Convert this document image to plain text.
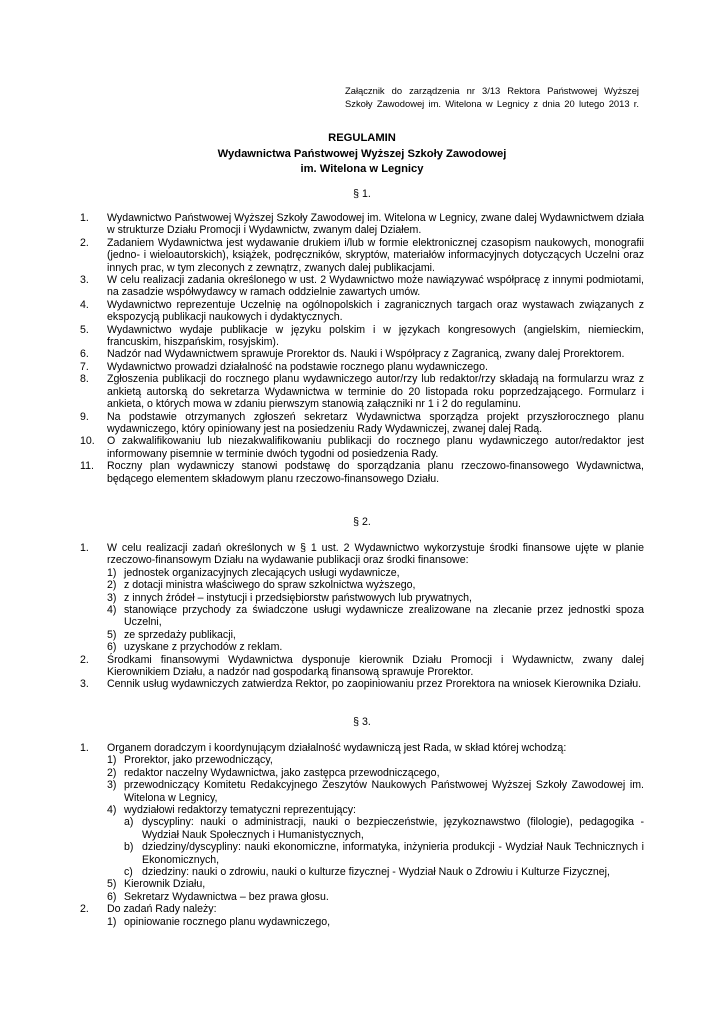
Załącznik do zarządzenia nr 3/13 Rektora Państwowej Wyższej
Szkoły Zawodowej im. Witelona w Legnicy z dnia 20 lutego 2013 r.
REGULAMIN
Wydawnictwa Państwowej Wyższej Szkoły Zawodowej
im. Witelona w Legnicy
§ 1.
1. Wydawnictwo Państwowej Wyższej Szkoły Zawodowej im. Witelona w Legnicy, zwane dalej Wydawnictwem działa w strukturze Działu Promocji i Wydawnictw, zwanym dalej Działem.
2. Zadaniem Wydawnictwa jest wydawanie drukiem i/lub w formie elektronicznej czasopism naukowych, monografii (jedno- i wieloautorskich), książek, podręczników, skryptów, materiałów informacyjnych dotyczących Uczelni oraz innych prac, w tym zleconych z zewnątrz, zwanych dalej publikacjami.
3. W celu realizacji zadania określonego w ust. 2 Wydawnictwo może nawiązywać współpracę z innymi podmiotami, na zasadzie współwydawcy w ramach oddzielnie zawartych umów.
4. Wydawnictwo reprezentuje Uczelnię na ogólnopolskich i zagranicznych targach oraz wystawach związanych z ekspozycją publikacji naukowych i dydaktycznych.
5. Wydawnictwo wydaje publikacje w języku polskim i w językach kongresowych (angielskim, niemieckim, francuskim, hiszpańskim, rosyjskim).
6. Nadzór nad Wydawnictwem sprawuje Prorektor ds. Nauki i Współpracy z Zagranicą, zwany dalej Prorektorem.
7. Wydawnictwo prowadzi działalność na podstawie rocznego planu wydawniczego.
8. Zgłoszenia publikacji do rocznego planu wydawniczego autor/rzy lub redaktor/rzy składają na formularzu wraz z ankietą autorską do sekretarza Wydawnictwa w terminie do 20 listopada roku poprzedzającego. Formularz i ankieta, o których mowa w zdaniu pierwszym stanowią załączniki nr 1 i 2 do regulaminu.
9. Na podstawie otrzymanych zgłoszeń sekretarz Wydawnictwa sporządza projekt przyszłorocznego planu wydawniczego, który opiniowany jest na posiedzeniu Rady Wydawniczej, zwanej dalej Radą.
10. O zakwalifikowaniu lub niezakwalifikowaniu publikacji do rocznego planu wydawniczego autor/redaktor jest informowany pisemnie w terminie dwóch tygodni od posiedzenia Rady.
11. Roczny plan wydawniczy stanowi podstawę do sporządzania planu rzeczowo-finansowego Wydawnictwa, będącego elementem składowym planu rzeczowo-finansowego Działu.
§ 2.
1. W celu realizacji zadań określonych w § 1 ust. 2 Wydawnictwo wykorzystuje środki finansowe ujęte w planie rzeczowo-finansowym Działu na wydawanie publikacji oraz środki finansowe:
1) jednostek organizacyjnych zlecających usługi wydawnicze,
2) z dotacji ministra właściwego do spraw szkolnictwa wyższego,
3) z innych źródeł – instytucji i przedsiębiorstw państwowych lub prywatnych,
4) stanowiące przychody za świadczone usługi wydawnicze zrealizowane na zlecanie przez jednostki spoza Uczelni,
5) ze sprzedaży publikacji,
6) uzyskane z przychodów z reklam.
2. Środkami finansowymi Wydawnictwa dysponuje kierownik Działu Promocji i Wydawnictw, zwany dalej Kierownikiem Działu, a nadzór nad gospodarką finansową sprawuje Prorektor.
3. Cennik usług wydawniczych zatwierdza Rektor, po zaopiniowaniu przez Prorektora na wniosek Kierownika Działu.
§ 3.
1. Organem doradczym i koordynującym działalność wydawniczą jest Rada, w skład której wchodzą:
1) Prorektor, jako przewodniczący,
2) redaktor naczelny Wydawnictwa, jako zastępca przewodniczącego,
3) przewodniczący Komitetu Redakcyjnego Zeszytów Naukowych Państwowej Wyższej Szkoły Zawodowej im. Witelona w Legnicy,
4) wydziałowi redaktorzy tematyczni reprezentujący:
a) dyscypliny: nauki o administracji, nauki o bezpieczeństwie, językoznawstwo (filologie), pedagogika - Wydział Nauk Społecznych i Humanistycznych,
b) dziedziny/dyscypliny: nauki ekonomiczne, informatyka, inżynieria produkcji - Wydział Nauk Technicznych i Ekonomicznych,
c) dziedziny: nauki o zdrowiu, nauki o kulturze fizycznej - Wydział Nauk o Zdrowiu i Kulturze Fizycznej,
5) Kierownik Działu,
6) Sekretarz Wydawnictwa – bez prawa głosu.
2. Do zadań Rady należy:
1) opiniowanie rocznego planu wydawniczego,
